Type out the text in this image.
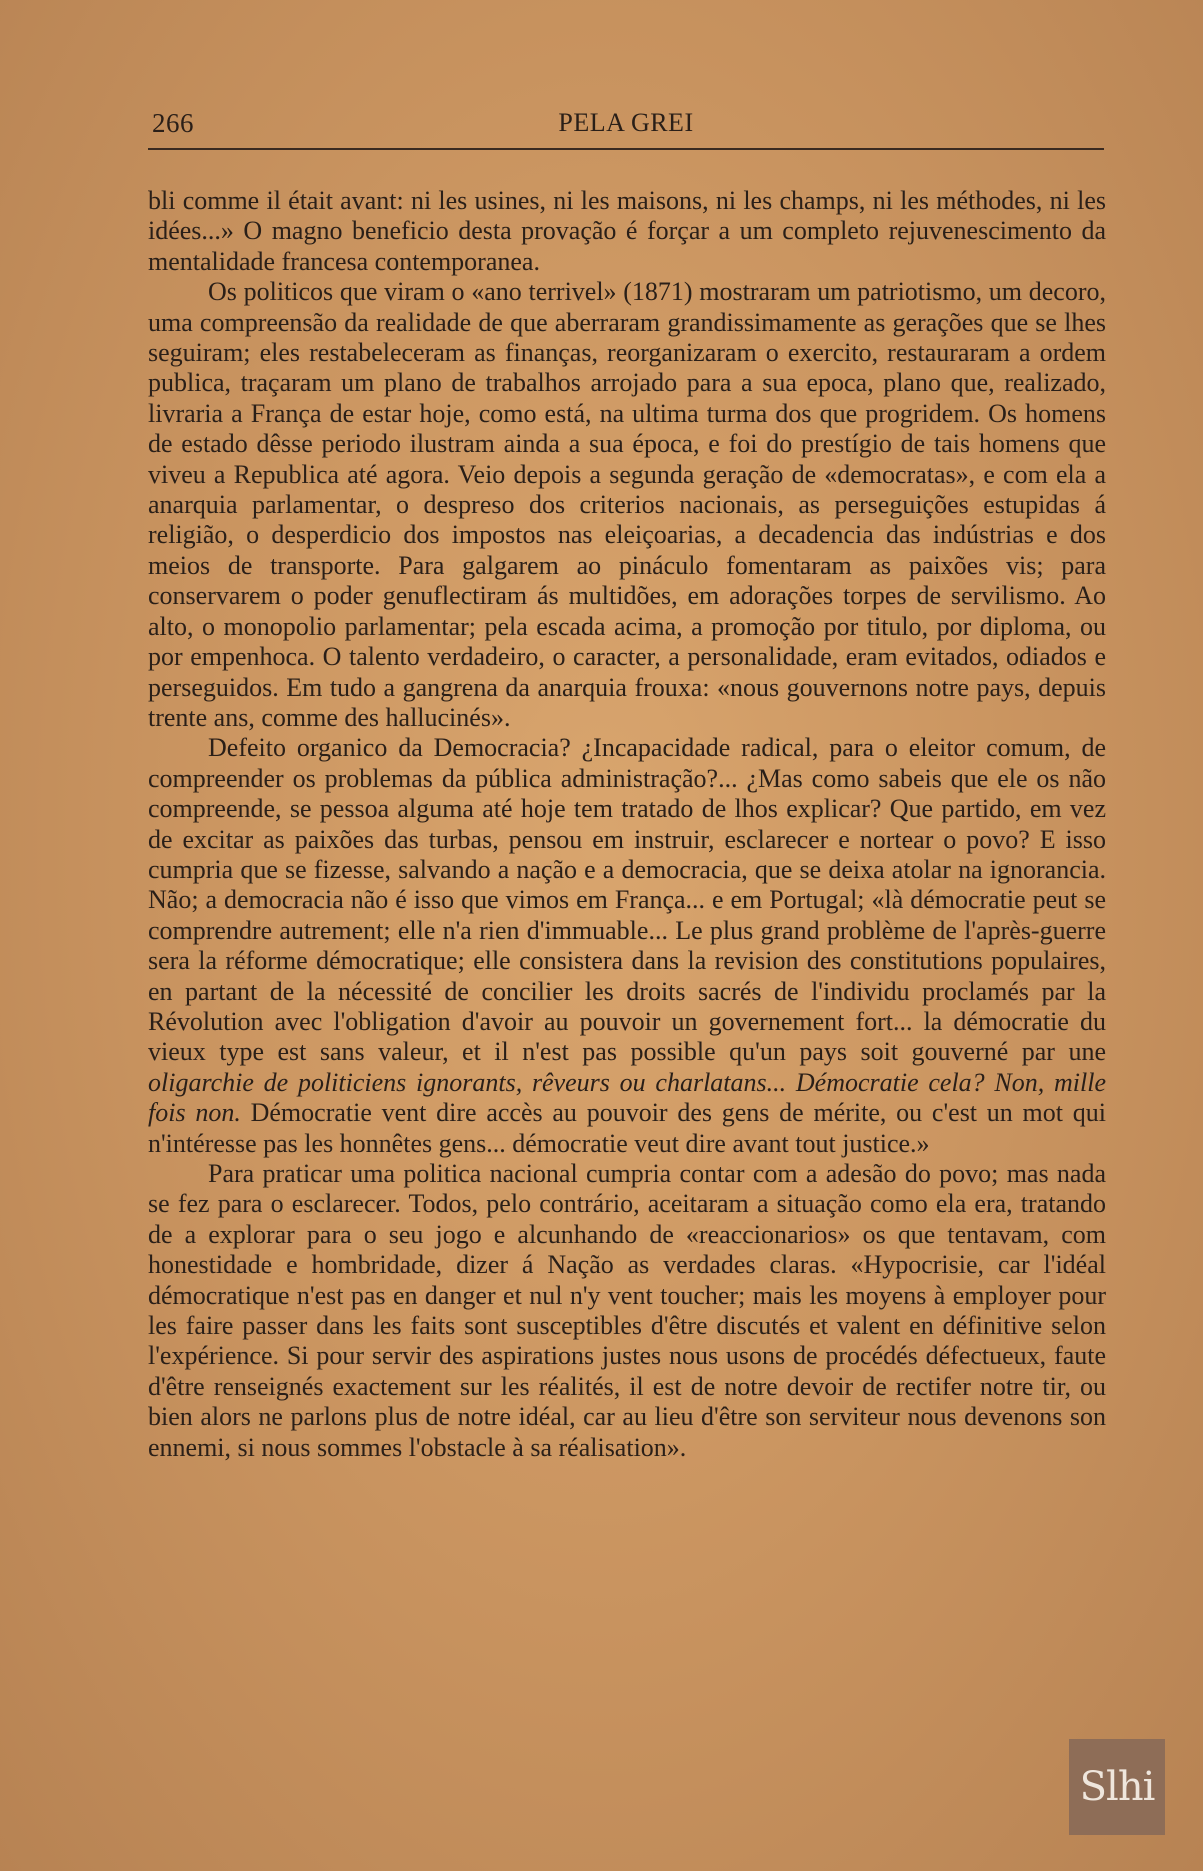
266	PELA GREI

bli comme il était avant: ni les usines, ni les maisons, ni les champs, ni les méthodes, ni les idées...» O magno beneficio desta provação é forçar a um completo rejuvenescimento da mentalidade francesa contemporanea.

Os politicos que viram o «ano terrivel» (1871) mostraram um patriotismo, um decoro, uma compreensão da realidade de que aberraram grandissimamente as gerações que se lhes seguiram; eles restabeleceram as finanças, reorganizaram o exercito, restauraram a ordem publica, traçaram um plano de trabalhos arrojado para a sua epoca, plano que, realizado, livraria a França de estar hoje, como está, na ultima turma dos que progridem. Os homens de estado dêsse periodo ilustram ainda a sua época, e foi do prestígio de tais homens que viveu a Republica até agora. Veio depois a segunda geração de «democratas», e com ela a anarquia parlamentar, o despreso dos criterios nacionais, as perseguições estupidas á religião, o desperdicio dos impostos nas eleiçoarias, a decadencia das indústrias e dos meios de transporte. Para galgarem ao pináculo fomentaram as paixões vis; para conservarem o poder genuflectiram ás multidões, em adorações torpes de servilismo. Ao alto, o monopolio parlamentar; pela escada acima, a promoção por titulo, por diploma, ou por empenhoca. O talento verdadeiro, o caracter, a personalidade, eram evitados, odiados e perseguidos. Em tudo a gangrena da anarquia frouxa: «nous gouvernons notre pays, depuis trente ans, comme des hallucinés».

Defeito organico da Democracia? ¿Incapacidade radical, para o eleitor comum, de compreender os problemas da pública administração?... ¿Mas como sabeis que ele os não compreende, se pessoa alguma até hoje tem tratado de lhos explicar? Que partido, em vez de excitar as paixões das turbas, pensou em instruir, esclarecer e nortear o povo? E isso cumpria que se fizesse, salvando a nação e a democracia, que se deixa atolar na ignorancia. Não; a democracia não é isso que vimos em França... e em Portugal; «là démocratie peut se comprendre autrement; elle n'a rien d'immuable... Le plus grand problème de l'après-guerre sera la réforme démocratique; elle consistera dans la revision des constitutions populaires, en partant de la nécessité de concilier les droits sacrés de l'individu proclamés par la Révolution avec l'obligation d'avoir au pouvoir un governement fort... la démocratie du vieux type est sans valeur, et il n'est pas possible qu'un pays soit gouverné par une oligarchie de politiciens ignorants, rêveurs ou charlatans... Démocratie cela? Non, mille fois non. Démocratie vent dire accès au pouvoir des gens de mérite, ou c'est un mot qui n'intéresse pas les honnêtes gens... démocratie veut dire avant tout justice.»

Para praticar uma politica nacional cumpria contar com a adesão do povo; mas nada se fez para o esclarecer. Todos, pelo contrário, aceitaram a situação como ela era, tratando de a explorar para o seu jogo e alcunhando de «reaccionarios» os que tentavam, com honestidade e hombridade, dizer á Nação as verdades claras. «Hypocrisie, car l'idéal démocratique n'est pas en danger et nul n'y vent toucher; mais les moyens à employer pour les faire passer dans les faits sont susceptibles d'être discutés et valent en définitive selon l'expérience. Si pour servir des aspirations justes nous usons de procédés défectueux, faute d'être renseignés exactement sur les réalités, il est de notre devoir de rectifer notre tir, ou bien alors ne parlons plus de notre idéal, car au lieu d'être son serviteur nous devenons son ennemi, si nous sommes l'obstacle à sa réalisation».

Slhi
